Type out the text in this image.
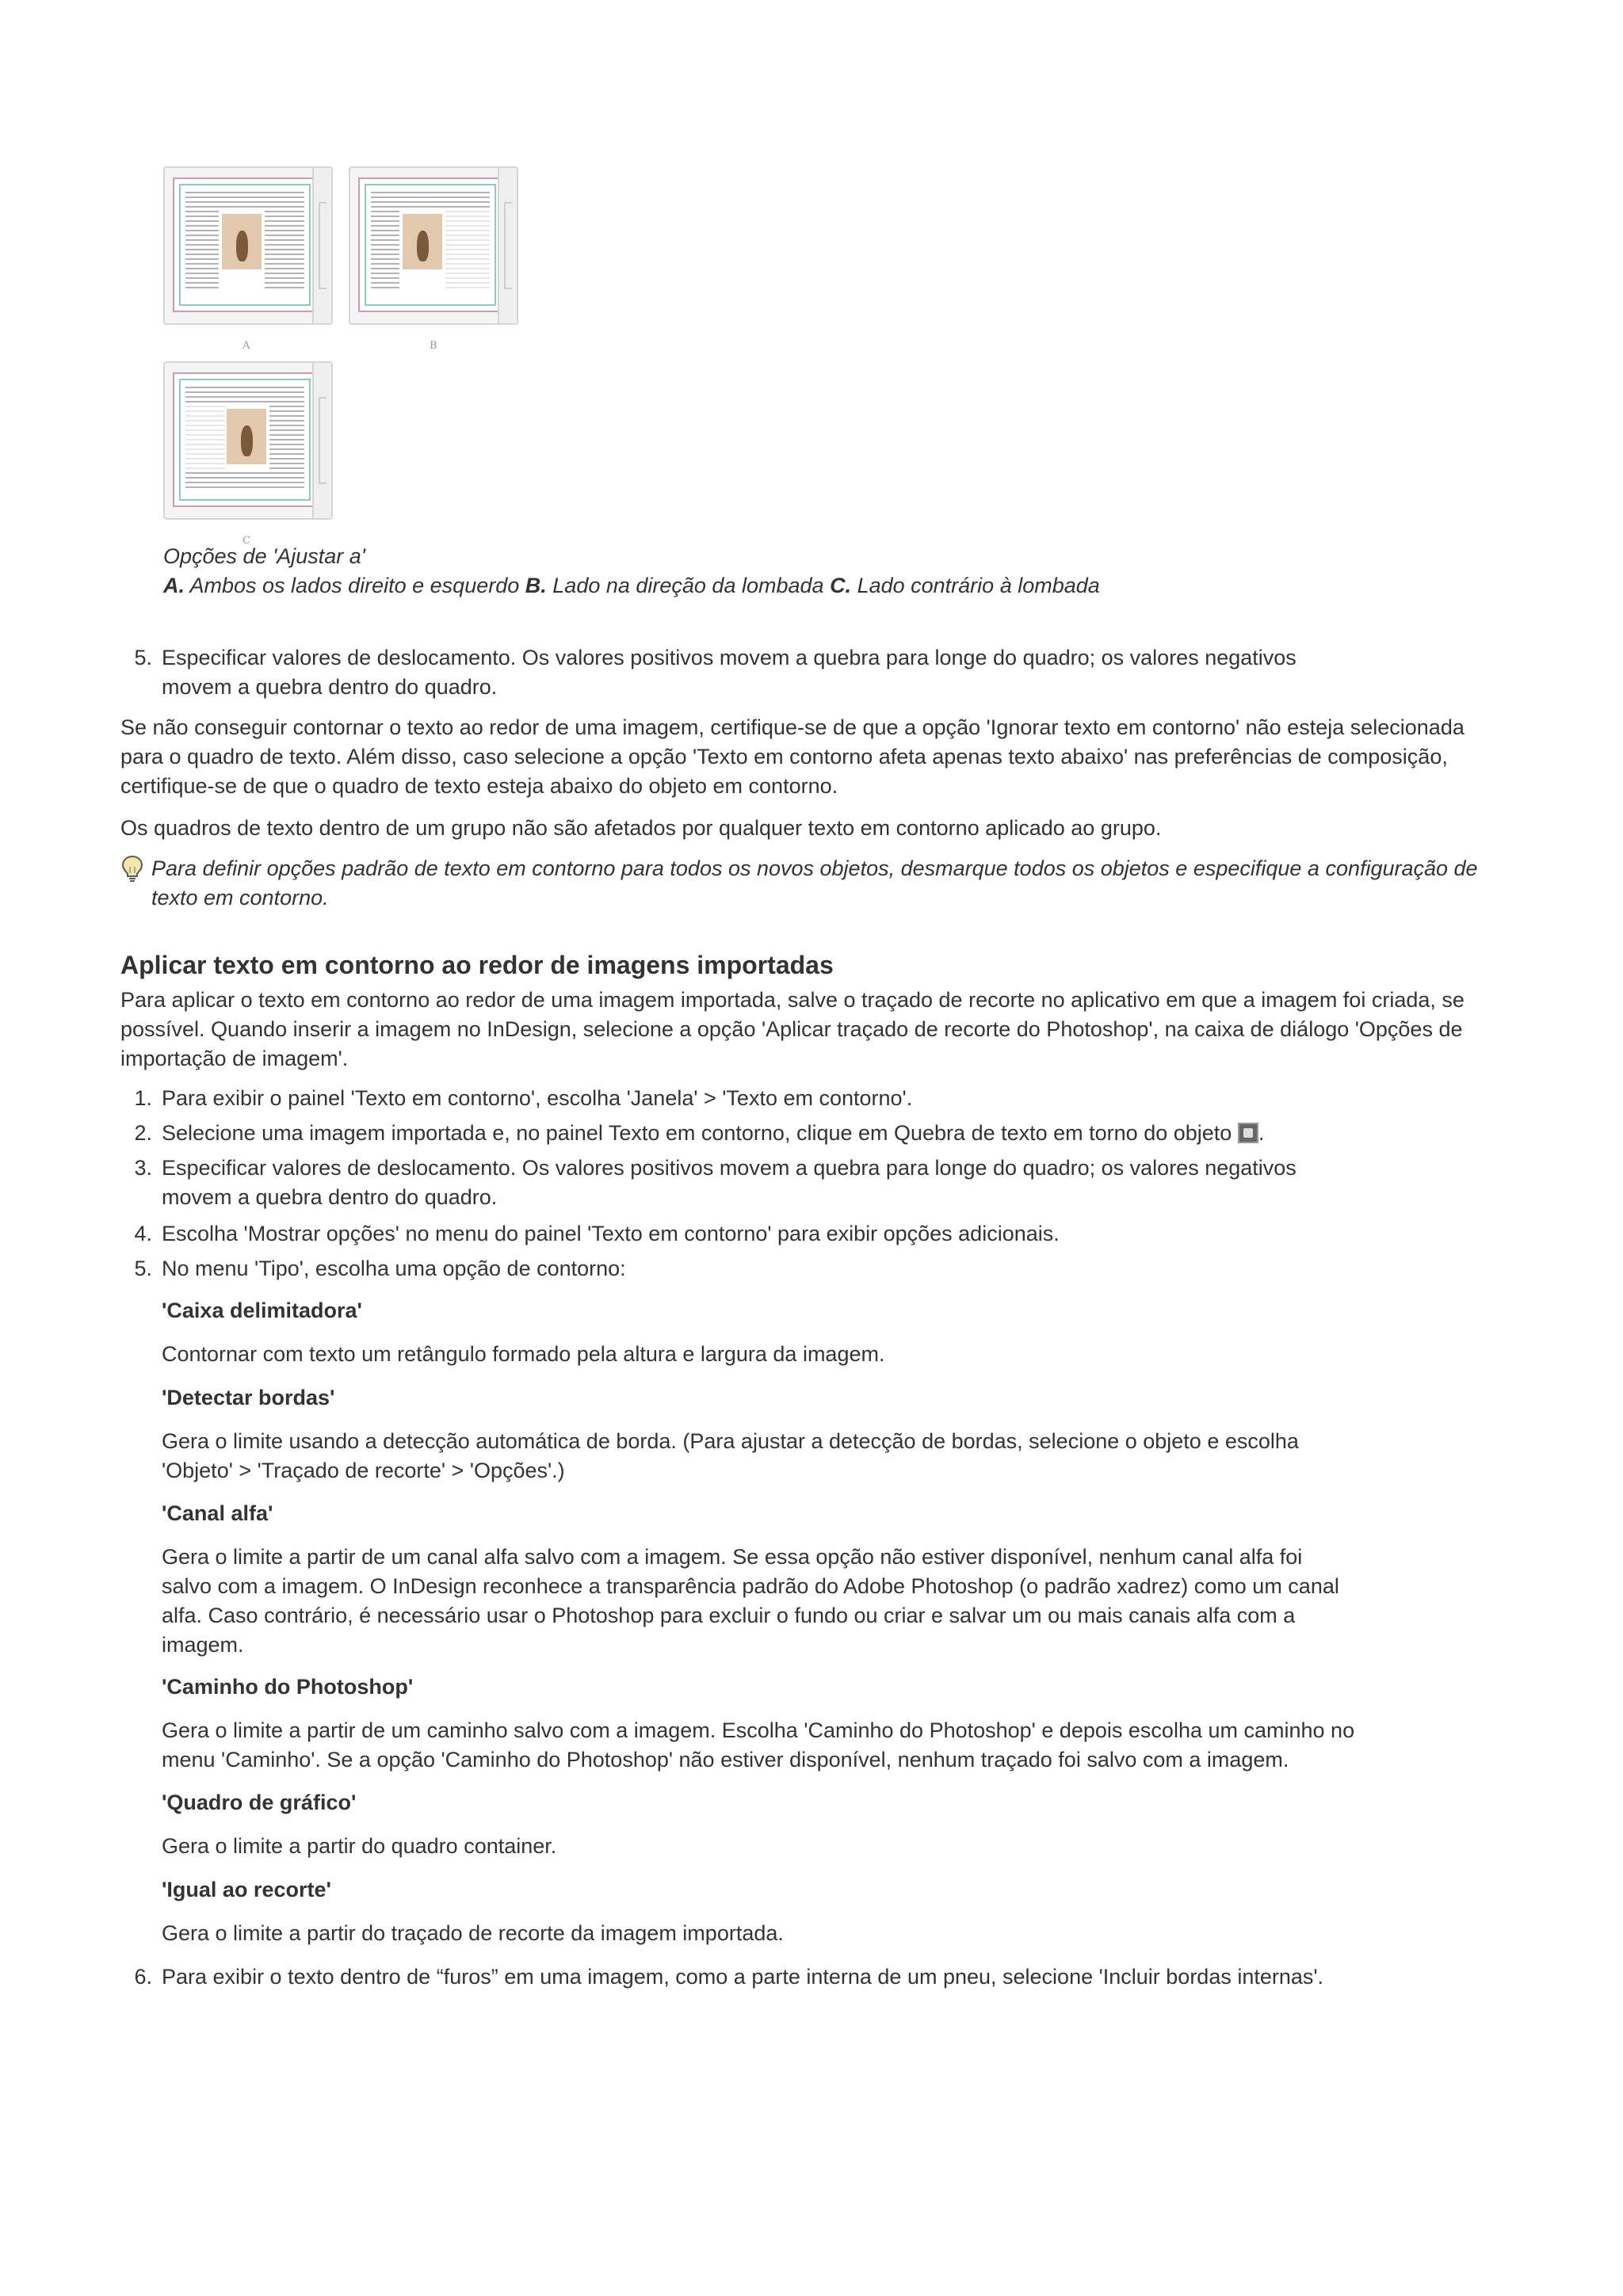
A	B
C
Opções de 'Ajustar a'
A. Ambos os lados direito e esquerdo B. Lado na direção da lombada C. Lado contrário à lombada
5. Especificar valores de deslocamento. Os valores positivos movem a quebra para longe do quadro; os valores negativos
movem a quebra dentro do quadro.
Se não conseguir contornar o texto ao redor de uma imagem, certifique-se de que a opção 'Ignorar texto em contorno' não esteja selecionada
para o quadro de texto. Além disso, caso selecione a opção 'Texto em contorno afeta apenas texto abaixo' nas preferências de composição,
certifique-se de que o quadro de texto esteja abaixo do objeto em contorno.
Os quadros de texto dentro de um grupo não são afetados por qualquer texto em contorno aplicado ao grupo.
Para definir opções padrão de texto em contorno para todos os novos objetos, desmarque todos os objetos e especifique a configuração de
texto em contorno.
Aplicar texto em contorno ao redor de imagens importadas
Para aplicar o texto em contorno ao redor de uma imagem importada, salve o traçado de recorte no aplicativo em que a imagem foi criada, se
possível. Quando inserir a imagem no InDesign, selecione a opção 'Aplicar traçado de recorte do Photoshop', na caixa de diálogo 'Opções de
importação de imagem'.
1. Para exibir o painel 'Texto em contorno', escolha 'Janela' > 'Texto em contorno'.
2. Selecione uma imagem importada e, no painel Texto em contorno, clique em Quebra de texto em torno do objeto .
3. Especificar valores de deslocamento. Os valores positivos movem a quebra para longe do quadro; os valores negativos
movem a quebra dentro do quadro.
4. Escolha 'Mostrar opções' no menu do painel 'Texto em contorno' para exibir opções adicionais.
5. No menu 'Tipo', escolha uma opção de contorno:
'Caixa delimitadora'
Contornar com texto um retângulo formado pela altura e largura da imagem.
'Detectar bordas'
Gera o limite usando a detecção automática de borda. (Para ajustar a detecção de bordas, selecione o objeto e escolha
'Objeto' > 'Traçado de recorte' > 'Opções'.)
'Canal alfa'
Gera o limite a partir de um canal alfa salvo com a imagem. Se essa opção não estiver disponível, nenhum canal alfa foi
salvo com a imagem. O InDesign reconhece a transparência padrão do Adobe Photoshop (o padrão xadrez) como um canal
alfa. Caso contrário, é necessário usar o Photoshop para excluir o fundo ou criar e salvar um ou mais canais alfa com a
imagem.
'Caminho do Photoshop'
Gera o limite a partir de um caminho salvo com a imagem. Escolha 'Caminho do Photoshop' e depois escolha um caminho no
menu 'Caminho'. Se a opção 'Caminho do Photoshop' não estiver disponível, nenhum traçado foi salvo com a imagem.
'Quadro de gráfico'
Gera o limite a partir do quadro container.
'Igual ao recorte'
Gera o limite a partir do traçado de recorte da imagem importada.
6. Para exibir o texto dentro de “furos” em uma imagem, como a parte interna de um pneu, selecione 'Incluir bordas internas'.
